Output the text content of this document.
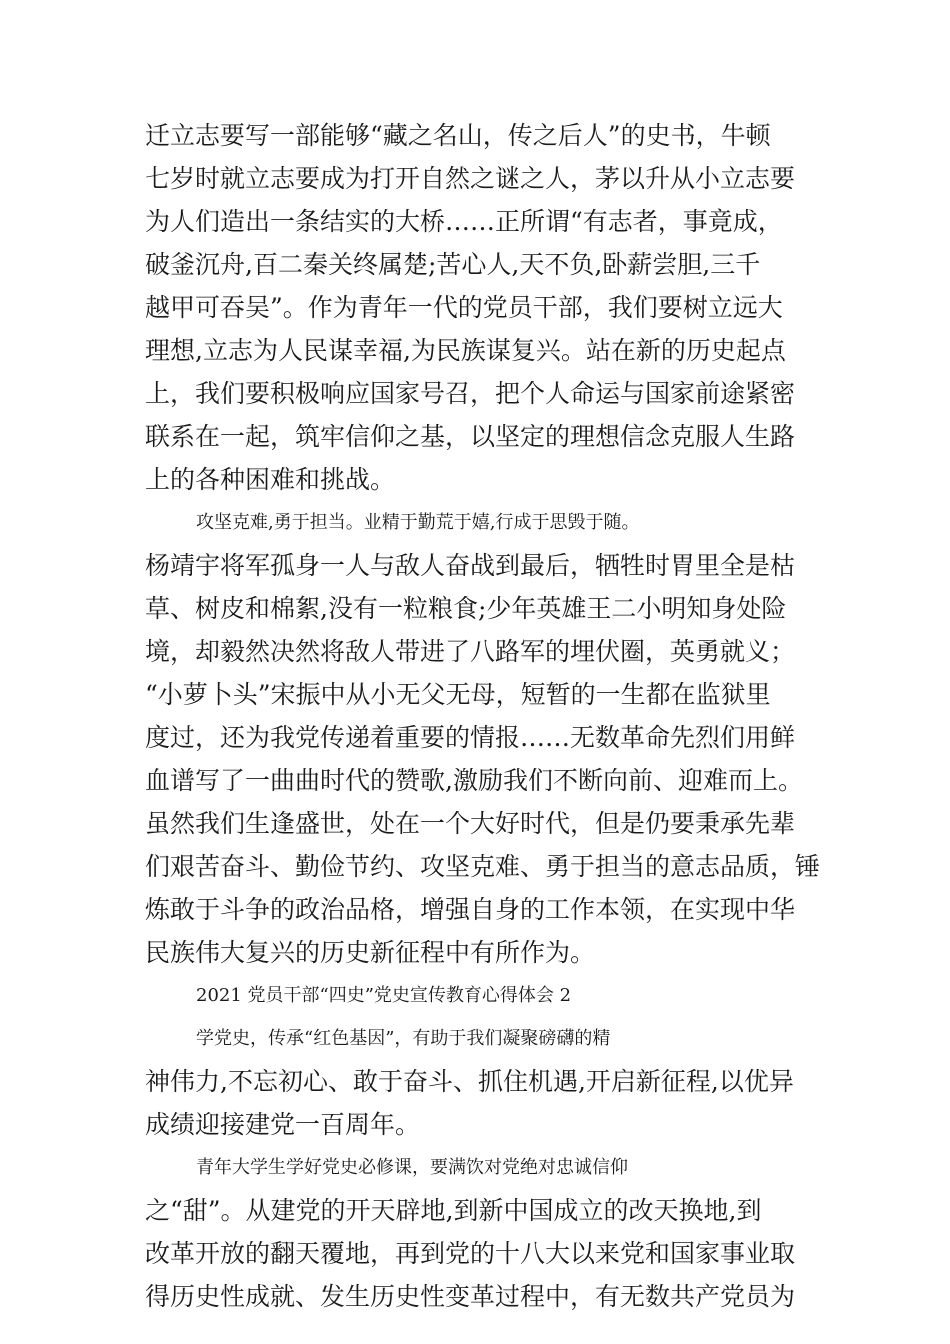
迁立志要写一部能够“藏之名山，传之后人”的史书，牛顿
七岁时就立志要成为打开自然之谜之人，茅以升从小立志要
为人们造出一条结实的大桥……正所谓“有志者，事竟成，
破釜沉舟,百二秦关终属楚;苦心人,天不负,卧薪尝胆,三千
越甲可吞吴”。作为青年一代的党员干部，我们要树立远大
理想,立志为人民谋幸福,为民族谋复兴。站在新的历史起点
上，我们要积极响应国家号召，把个人命运与国家前途紧密
联系在一起，筑牢信仰之基，以坚定的理想信念克服人生路
上的各种困难和挑战。
攻坚克难,勇于担当。业精于勤荒于嬉,行成于思毁于随。
杨靖宇将军孤身一人与敌人奋战到最后，牺牲时胃里全是枯
草、树皮和棉絮,没有一粒粮食;少年英雄王二小明知身处险
境，却毅然决然将敌人带进了八路军的埋伏圈，英勇就义；
“小萝卜头”宋振中从小无父无母，短暂的一生都在监狱里
度过，还为我党传递着重要的情报……无数革命先烈们用鲜
血谱写了一曲曲时代的赞歌,激励我们不断向前、迎难而上。
虽然我们生逢盛世，处在一个大好时代，但是仍要秉承先辈
们艰苦奋斗、勤俭节约、攻坚克难、勇于担当的意志品质，锤
炼敢于斗争的政治品格，增强自身的工作本领，在实现中华
民族伟大复兴的历史新征程中有所作为。
2021 党员干部“四史”党史宣传教育心得体会 2
学党史，传承“红色基因”，有助于我们凝聚磅礴的精
神伟力,不忘初心、敢于奋斗、抓住机遇,开启新征程,以优异
成绩迎接建党一百周年。
青年大学生学好党史必修课，要满饮对党绝对忠诚信仰
之“甜”。从建党的开天辟地,到新中国成立的改天换地,到
改革开放的翻天覆地，再到党的十八大以来党和国家事业取
得历史性成就、发生历史性变革过程中，有无数共产党员为
